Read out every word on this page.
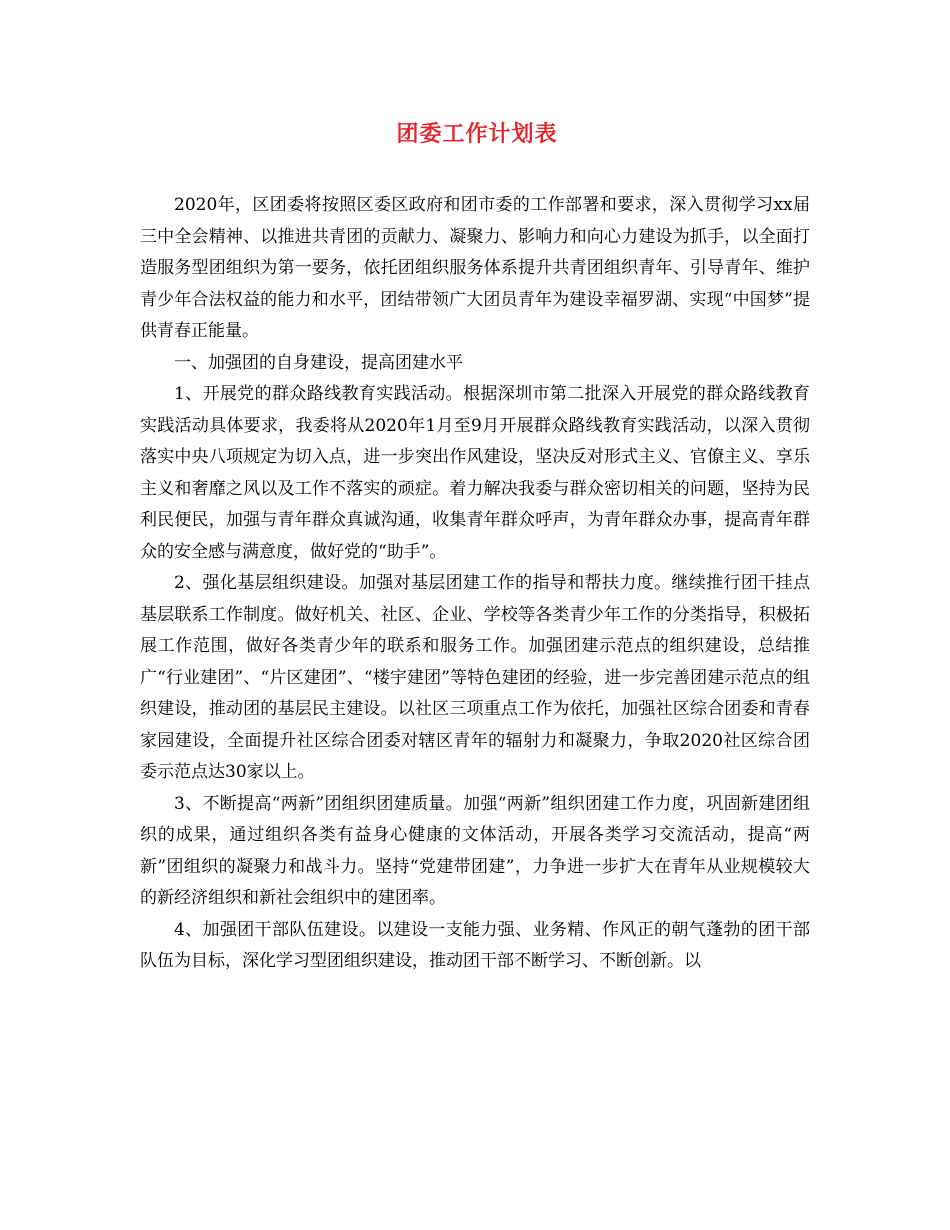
团委工作计划表

2020年，区团委将按照区委区政府和团市委的工作部署和要求，深入贯彻学习xx届三中全会精神、以推进共青团的贡献力、凝聚力、影响力和向心力建设为抓手，以全面打造服务型团组织为第一要务，依托团组织服务体系提升共青团组织青年、引导青年、维护青少年合法权益的能力和水平，团结带领广大团员青年为建设幸福罗湖、实现“中国梦”提供青春正能量。

一、加强团的自身建设，提高团建水平

1、开展党的群众路线教育实践活动。根据深圳市第二批深入开展党的群众路线教育实践活动具体要求，我委将从2020年1月至9月开展群众路线教育实践活动，以深入贯彻落实中央八项规定为切入点，进一步突出作风建设，坚决反对形式主义、官僚主义、享乐主义和奢靡之风以及工作不落实的顽症。着力解决我委与群众密切相关的问题，坚持为民利民便民，加强与青年群众真诚沟通，收集青年群众呼声，为青年群众办事，提高青年群众的安全感与满意度，做好党的“助手”。

2、强化基层组织建设。加强对基层团建工作的指导和帮扶力度。继续推行团干挂点基层联系工作制度。做好机关、社区、企业、学校等各类青少年工作的分类指导，积极拓展工作范围，做好各类青少年的联系和服务工作。加强团建示范点的组织建设，总结推广“行业建团”、“片区建团”、“楼宇建团”等特色建团的经验，进一步完善团建示范点的组织建设，推动团的基层民主建设。以社区三项重点工作为依托，加强社区综合团委和青春家园建设，全面提升社区综合团委对辖区青年的辐射力和凝聚力，争取2020社区综合团委示范点达30家以上。

3、不断提高“两新”团组织团建质量。加强“两新”组织团建工作力度，巩固新建团组织的成果，通过组织各类有益身心健康的文体活动，开展各类学习交流活动，提高“两新”团组织的凝聚力和战斗力。坚持“党建带团建”，力争进一步扩大在青年从业规模较大的新经济组织和新社会组织中的建团率。

4、加强团干部队伍建设。以建设一支能力强、业务精、作风正的朝气蓬勃的团干部队伍为目标，深化学习型团组织建设，推动团干部不断学习、不断创新。以
